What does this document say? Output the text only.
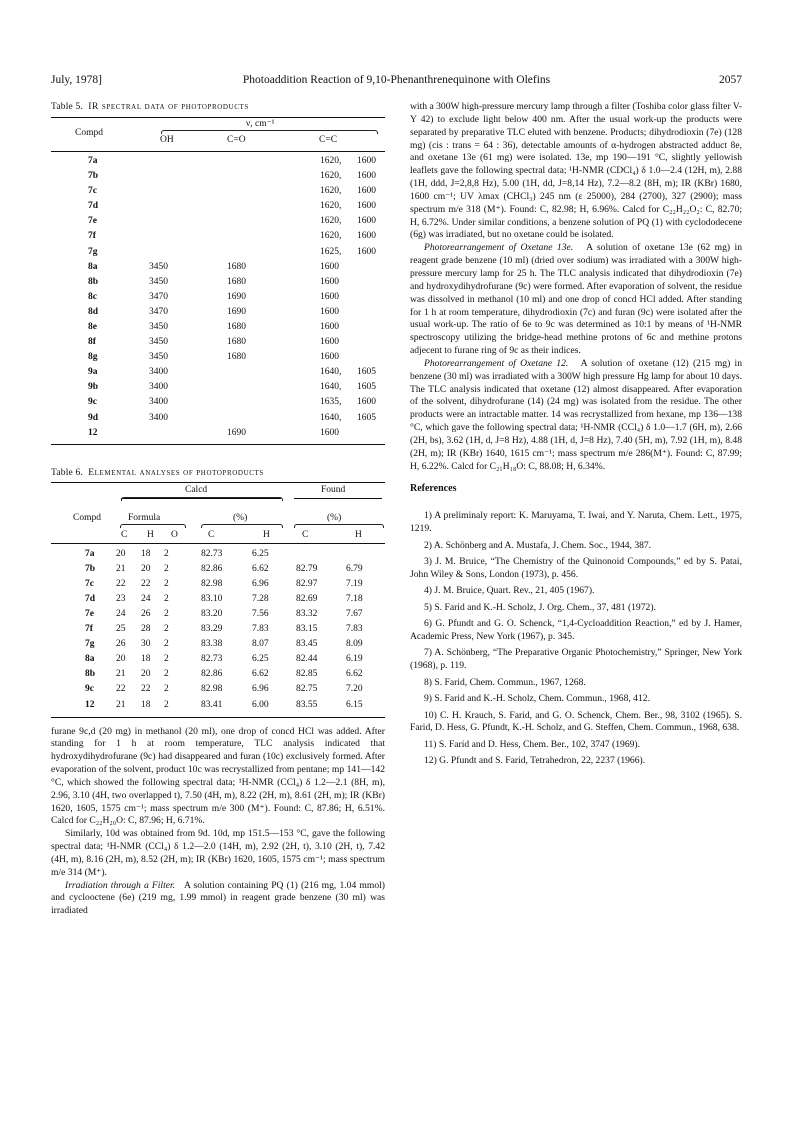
July, 1978]	Photoaddition Reaction of 9,10-Phenanthrenequinone with Olefins	2057
Table 5. IR spectral data of photoproducts
Compd
ν, cm⁻¹
OH	C=O	C=C
7a			1620,	1600
7b			1620,	1600
7c			1620,	1600
7d			1620,	1600
7e			1620,	1600
7f			1620,	1600
7g			1625,	1600
8a	3450	1680	1600	
8b	3450	1680	1600	
8c	3470	1690	1600	
8d	3470	1690	1600	
8e	3450	1680	1600	
8f	3450	1680	1600	
8g	3450	1680	1600	
9a	3400		1640,	1605
9b	3400		1640,	1605
9c	3400		1635,	1600
9d	3400		1640,	1605
12		1690	1600	
Table 6. Elemental analyses of photoproducts
Calcd	Found
Compd	Formula	(%)	(%)
C H O	C	H	C	H
7a	20	18	2	82.73	6.25		
7b	21	20	2	82.86	6.62	82.79	6.79
7c	22	22	2	82.98	6.96	82.97	7.19
7d	23	24	2	83.10	7.28	82.69	7.18
7e	24	26	2	83.20	7.56	83.32	7.67
7f	25	28	2	83.29	7.83	83.15	7.83
7g	26	30	2	83.38	8.07	83.45	8.09
8a	20	18	2	82.73	6.25	82.44	6.19
8b	21	20	2	82.86	6.62	82.85	6.62
9c	22	22	2	82.98	6.96	82.75	7.20
12	21	18	2	83.41	6.00	83.55	6.15

furane 9c,d (20 mg) in methanol (20 ml), one drop of concd HCl was added. After standing for 1 h at room temperature, TLC analysis indicated that hydroxydihydrofurane (9c) had disappeared and furan (10c) exclusively formed. After evaporation of the solvent, product 10c was recrystallized from pentane; mp 141—142 °C, which showed the following spectral data; ¹H-NMR (CCl₄) δ 1.2—2.1 (8H, m), 2.96, 3.10 (4H, two overlapped t), 7.50 (4H, m), 8.22 (2H, m), 8.61 (2H, m); IR (KBr) 1620, 1605, 1575 cm⁻¹; mass spectrum m/e 300 (M⁺). Found: C, 87.86; H, 6.51%. Calcd for C₂₂H₂₀O: C, 87.96; H, 6.71%.

Similarly, 10d was obtained from 9d. 10d, mp 151.5—153 °C, gave the following spectral data; ¹H-NMR (CCl₄) δ 1.2—2.0 (14H, m), 2.92 (2H, t), 3.10 (2H, t), 7.42 (4H, m), 8.16 (2H, m), 8.52 (2H, m); IR (KBr) 1620, 1605, 1575 cm⁻¹; mass spectrum m/e 314 (M⁺).

Irradiation through a Filter. A solution containing PQ (1) (216 mg, 1.04 mmol) and cyclooctene (6e) (219 mg, 1.99 mmol) in reagent grade benzene (30 ml) was irradiated

with a 300W high-pressure mercury lamp through a filter (Toshiba color glass filter V-Y 42) to exclude light below 400 nm. After the usual work-up the products were separated by preparative TLC eluted with benzene. Products; dihydrodioxin (7e) (128 mg) (cis : trans = 64 : 36), detectable amounts of α-hydrogen abstracted adduct 8e, and oxetane 13e (61 mg) were isolated. 13e, mp 190—191 °C, slightly yellowish leaflets gave the following spectral data; ¹H-NMR (CDCl₄) δ 1.0—2.4 (12H, m), 2.88 (1H, ddd, J=2,8,8 Hz), 5.00 (1H, dd, J=8,14 Hz), 7.2—8.2 (8H, m); IR (KBr) 1680, 1600 cm⁻¹; UV λmax (CHCl₃) 245 nm (ε 25000), 284 (2700), 327 (2900); mass spectrum m/e 318 (M⁺). Found: C, 82.98; H, 6.96%. Calcd for C₂₂H₂₂O₂: C, 82.70; H, 6.72%. Under similar conditions, a benzene solution of PQ (1) with cyclododecene (6g) was irradiated, but no oxetane could be isolated.

Photorearrangement of Oxetane 13e. A solution of oxetane 13e (62 mg) in reagent grade benzene (10 ml) (dried over sodium) was irradiated with a 300W high-pressure mercury lamp for 25 h. The TLC analysis indicated that dihydrodioxin (7e) and hydroxydihydrofurane (9c) were formed. After evaporation of solvent, the residue was dissolved in methanol (10 ml) and one drop of concd HCl added. After standing for 1 h at room temperature, dihydrodioxin (7c) and furan (9c) were isolated after the usual work-up. The ratio of 6e to 9c was determined as 10:1 by means of ¹H-NMR spectroscopy utilizing the bridge-head methine protons of 6c and methine protons adjecent to furane ring of 9c as their indices.

Photorearrangement of Oxetane 12. A solution of oxetane (12) (215 mg) in benzene (30 ml) was irradiated with a 300W high pressure Hg lamp for about 10 days. The TLC analysis indicated that oxetane (12) almost disappeared. After evaporation of the solvent, dihydrofurane (14) (24 mg) was isolated from the residue. The other products were an intractable matter. 14 was recrystallized from hexane, mp 136—138 °C, which gave the following spectral data; ¹H-NMR (CCl₄) δ 1.0—1.7 (6H, m), 2.66 (2H, bs), 3.62 (1H, d, J=8 Hz), 4.88 (1H, d, J=8 Hz), 7.40 (5H, m), 7.92 (1H, m), 8.48 (2H, m); IR (KBr) 1640, 1615 cm⁻¹; mass spectrum m/e 286(M⁺). Found: C, 87.99; H, 6.22%. Calcd for C₂₁H₁₈O: C, 88.08; H, 6.34%.

References

1) A preliminaly report: K. Maruyama, T. Iwai, and Y. Naruta, Chem. Lett., 1975, 1219.

2) A. Schönberg and A. Mustafa, J. Chem. Soc., 1944, 387.

3) J. M. Bruice, “The Chemistry of the Quinonoid Compounds,” ed by S. Patai, John Wiley & Sons, London (1973), p. 456.

4) J. M. Bruice, Quart. Rev., 21, 405 (1967).

5) S. Farid and K.-H. Scholz, J. Org. Chem., 37, 481 (1972).

6) G. Pfundt and G. O. Schenck, “1,4-Cycloaddition Reaction,” ed by J. Hamer, Academic Press, New York (1967), p. 345.

7) A. Schönberg, “The Preparative Organic Photochemistry,” Springer, New York (1968), p. 119.

8) S. Farid, Chem. Commun., 1967, 1268.

9) S. Farid and K.-H. Scholz, Chem. Commun., 1968, 412.

10) C. H. Krauch, S. Farid, and G. O. Schenck, Chem. Ber., 98, 3102 (1965). S. Farid, D. Hess, G. Pfundt, K.-H. Scholz, and G. Steffen, Chem. Commun., 1968, 638.

11) S. Farid and D. Hess, Chem. Ber., 102, 3747 (1969).

12) G. Pfundt and S. Farid, Tetrahedron, 22, 2237 (1966).
